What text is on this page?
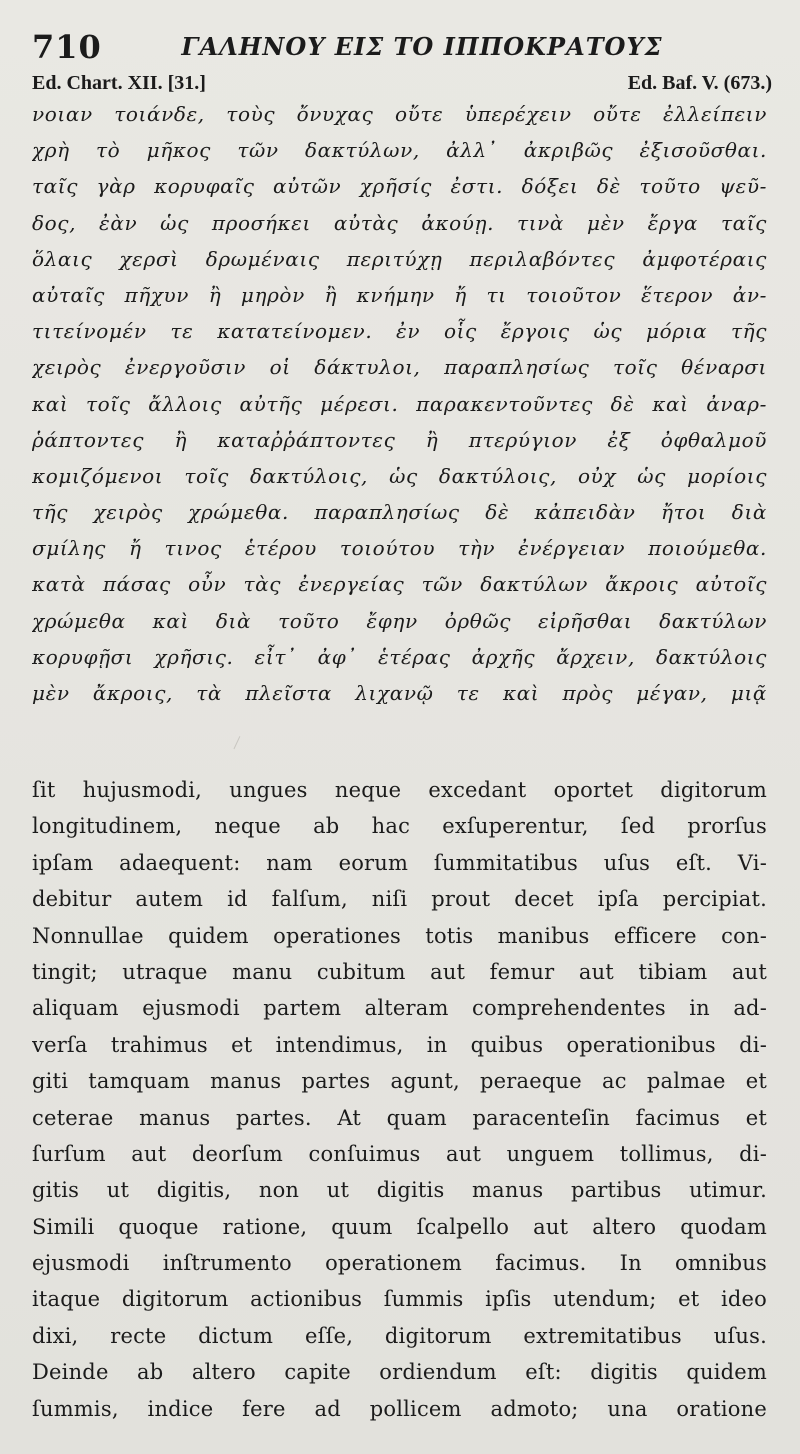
710	ΓΑΛΗΝΟΥ ΕΙΣ ΤΟ ΙΠΠΟΚΡΑΤΟΥΣ
Ed. Chart. XII. [31.]	Ed. Baf. V. (673.)
νοιαν τοιάνδε, τοὺς ὄνυχας οὔτε ὑπερέχειν οὔτε ἐλλείπειν
χρὴ τὸ μῆκος τῶν δακτύλων, ἀλλ᾽ ἀκριβῶς ἐξισοῦσθαι.
ταῖς γὰρ κορυφαῖς αὐτῶν χρῆσίς ἐστι. δόξει δὲ τοῦτο ψεῦ-
δος, ἐὰν ὡς προσήκει αὐτὰς ἀκούῃ. τινὰ μὲν ἔργα ταῖς
ὅλαις χερσὶ δρωμέναις περιτύχῃ περιλαβόντες ἀμφοτέραις
αὐταῖς πῆχυν ἢ μηρὸν ἢ κνήμην ἤ τι τοιοῦτον ἕτερον ἀν-
τιτείνομέν τε κατατείνομεν. ἐν οἷς ἔργοις ὡς μόρια τῆς
χειρὸς ἐνεργοῦσιν οἱ δάκτυλοι, παραπλησίως τοῖς θέναρσι
καὶ τοῖς ἄλλοις αὐτῆς μέρεσι. παρακεντοῦντες δὲ καὶ ἀναρ-
ῥάπτοντες ἢ καταῤῥάπτοντες ἢ πτερύγιον ἐξ ὀφθαλμοῦ
κομιζόμενοι τοῖς δακτύλοις, ὡς δακτύλοις, οὐχ ὡς μορίοις
τῆς χειρὸς χρώμεθα. παραπλησίως δὲ κἀπειδὰν ἤτοι διὰ
σμίλης ἤ τινος ἑτέρου τοιούτου τὴν ἐνέργειαν ποιούμεθα.
κατὰ πάσας οὖν τὰς ἐνεργείας τῶν δακτύλων ἄκροις αὐτοῖς
χρώμεθα καὶ διὰ τοῦτο ἔφην ὀρθῶς εἰρῆσθαι δακτύλων
κορυφῇσι χρῆσις. εἶτ᾽ ἀφ᾽ ἑτέρας ἀρχῆς ἄρχειν, δακτύλοις
μὲν ἄκροις, τὰ πλεῖστα λιχανῷ τε καὶ πρὸς μέγαν, μιᾷ
ſit hujusmodi, ungues neque excedant oportet digitorum
longitudinem, neque ab hac exſuperentur, ſed prorſus
ipſam adaequent: nam eorum ſummitatibus uſus eſt. Vi-
debitur autem id falſum, niſi prout decet ipſa percipiat.
Nonnullae quidem operationes totis manibus efficere con-
tingit; utraque manu cubitum aut femur aut tibiam aut
aliquam ejusmodi partem alteram comprehendentes in ad-
verſa trahimus et intendimus, in quibus operationibus di-
giti tamquam manus partes agunt, peraeque ac palmae et
ceterae manus partes. At quam paracenteſin facimus et
ſurſum aut deorſum conſuimus aut unguem tollimus, di-
gitis ut digitis, non ut digitis manus partibus utimur.
Simili quoque ratione, quum ſcalpello aut altero quodam
ejusmodi inſtrumento operationem facimus. In omnibus
itaque digitorum actionibus ſummis ipſis utendum; et ideo
dixi, recte dictum eſſe, digitorum extremitatibus uſus.
Deinde ab altero capite ordiendum eſt: digitis quidem
ſummis, indice fere ad pollicem admoto; una oratione
